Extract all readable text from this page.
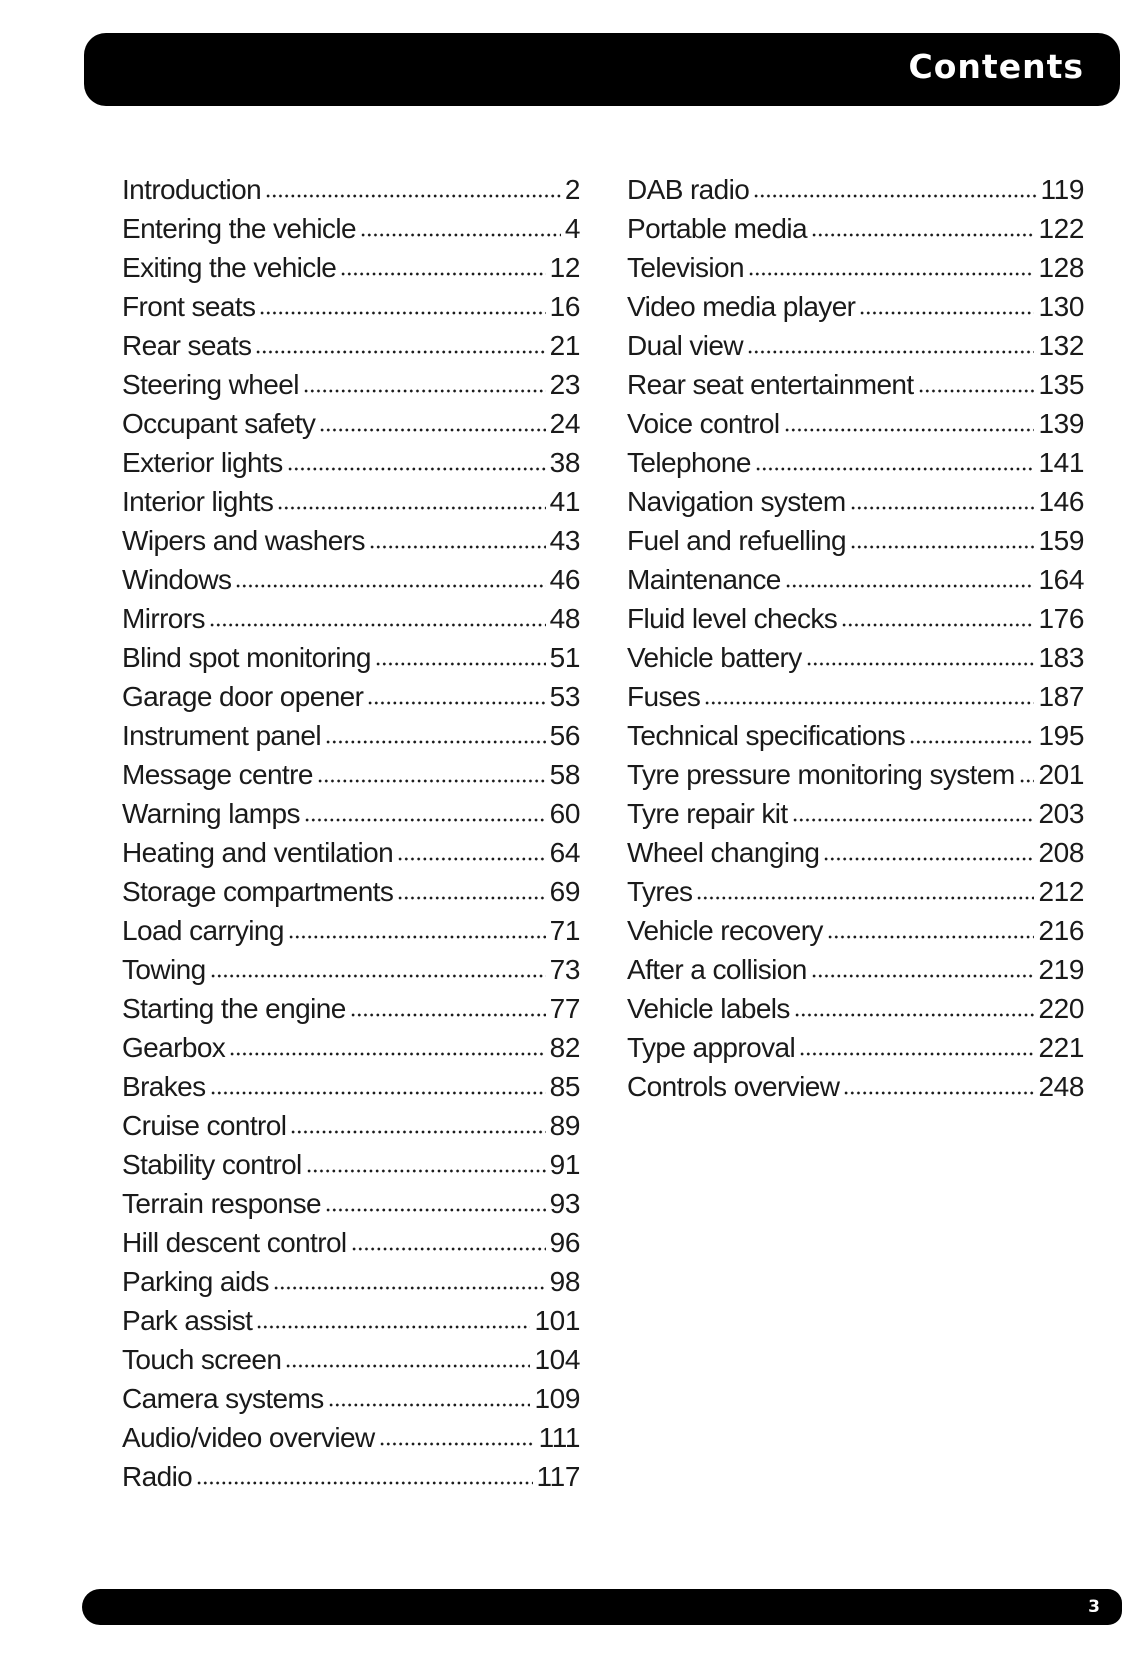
Contents
Introduction	2
Entering the vehicle	4
Exiting the vehicle	12
Front seats	16
Rear seats	21
Steering wheel	23
Occupant safety	24
Exterior lights	38
Interior lights	41
Wipers and washers	43
Windows	46
Mirrors	48
Blind spot monitoring	51
Garage door opener	53
Instrument panel	56
Message centre	58
Warning lamps	60
Heating and ventilation	64
Storage compartments	69
Load carrying	71
Towing	73
Starting the engine	77
Gearbox	82
Brakes	85
Cruise control	89
Stability control	91
Terrain response	93
Hill descent control	96
Parking aids	98
Park assist	101
Touch screen	104
Camera systems	109
Audio/video overview	111
Radio	117
DAB radio	119
Portable media	122
Television	128
Video media player	130
Dual view	132
Rear seat entertainment	135
Voice control	139
Telephone	141
Navigation system	146
Fuel and refuelling	159
Maintenance	164
Fluid level checks	176
Vehicle battery	183
Fuses	187
Technical specifications	195
Tyre pressure monitoring system 201
Tyre repair kit	203
Wheel changing	208
Tyres	212
Vehicle recovery	216
After a collision	219
Vehicle labels	220
Type approval	221
Controls overview	248
3
